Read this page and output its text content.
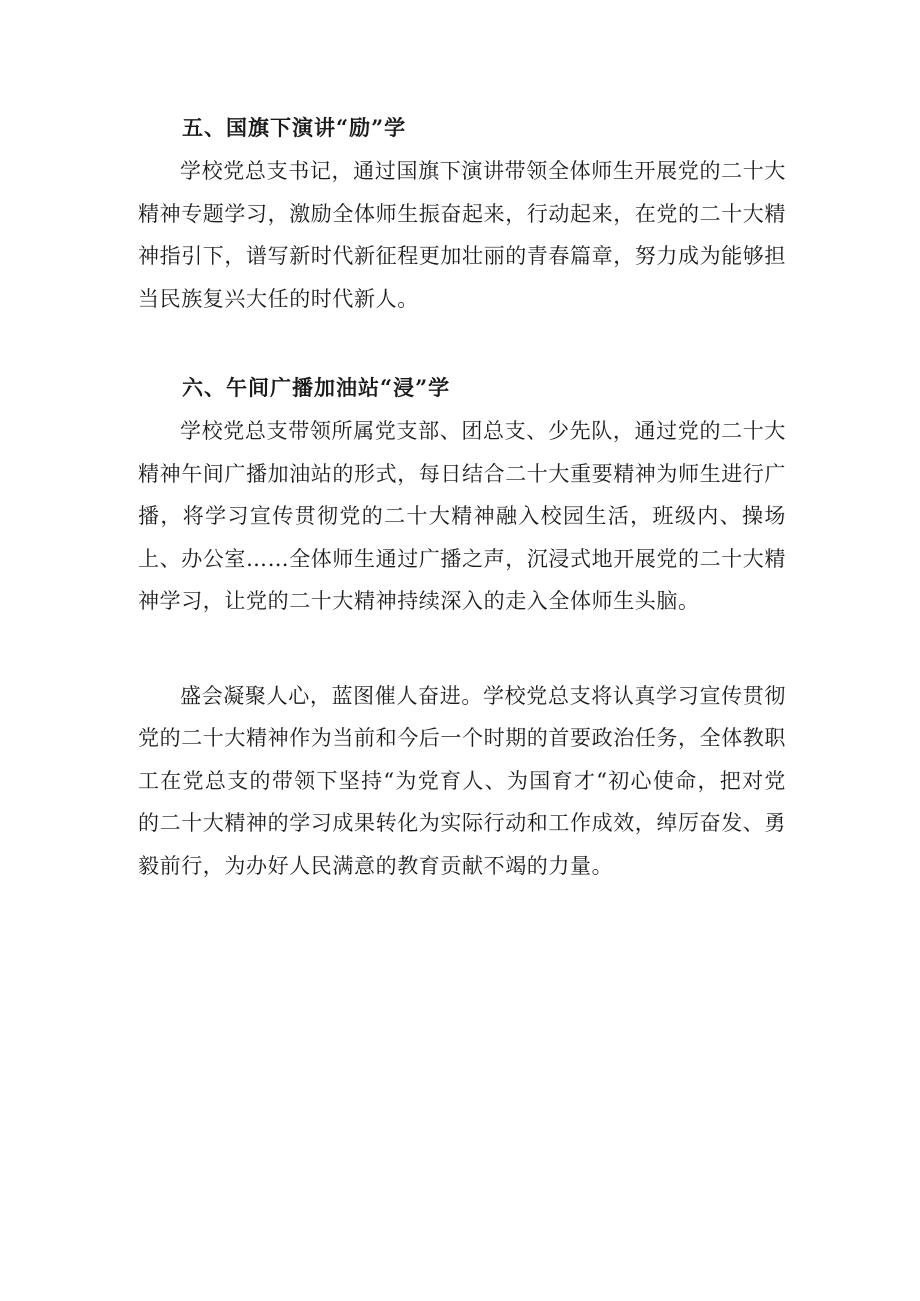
五、国旗下演讲“励”学

学校党总支书记，通过国旗下演讲带领全体师生开展党的二十大精神专题学习，激励全体师生振奋起来，行动起来，在党的二十大精神指引下，谱写新时代新征程更加壮丽的青春篇章，努力成为能够担当民族复兴大任的时代新人。

六、午间广播加油站“浸”学

学校党总支带领所属党支部、团总支、少先队，通过党的二十大精神午间广播加油站的形式，每日结合二十大重要精神为师生进行广播，将学习宣传贯彻党的二十大精神融入校园生活，班级内、操场上、办公室……全体师生通过广播之声，沉浸式地开展党的二十大精神学习，让党的二十大精神持续深入的走入全体师生头脑。

盛会凝聚人心，蓝图催人奋进。学校党总支将认真学习宣传贯彻党的二十大精神作为当前和今后一个时期的首要政治任务，全体教职工在党总支的带领下坚持“为党育人、为国育才“初心使命，把对党的二十大精神的学习成果转化为实际行动和工作成效，绰厉奋发、勇毅前行，为办好人民满意的教育贡献不竭的力量。
